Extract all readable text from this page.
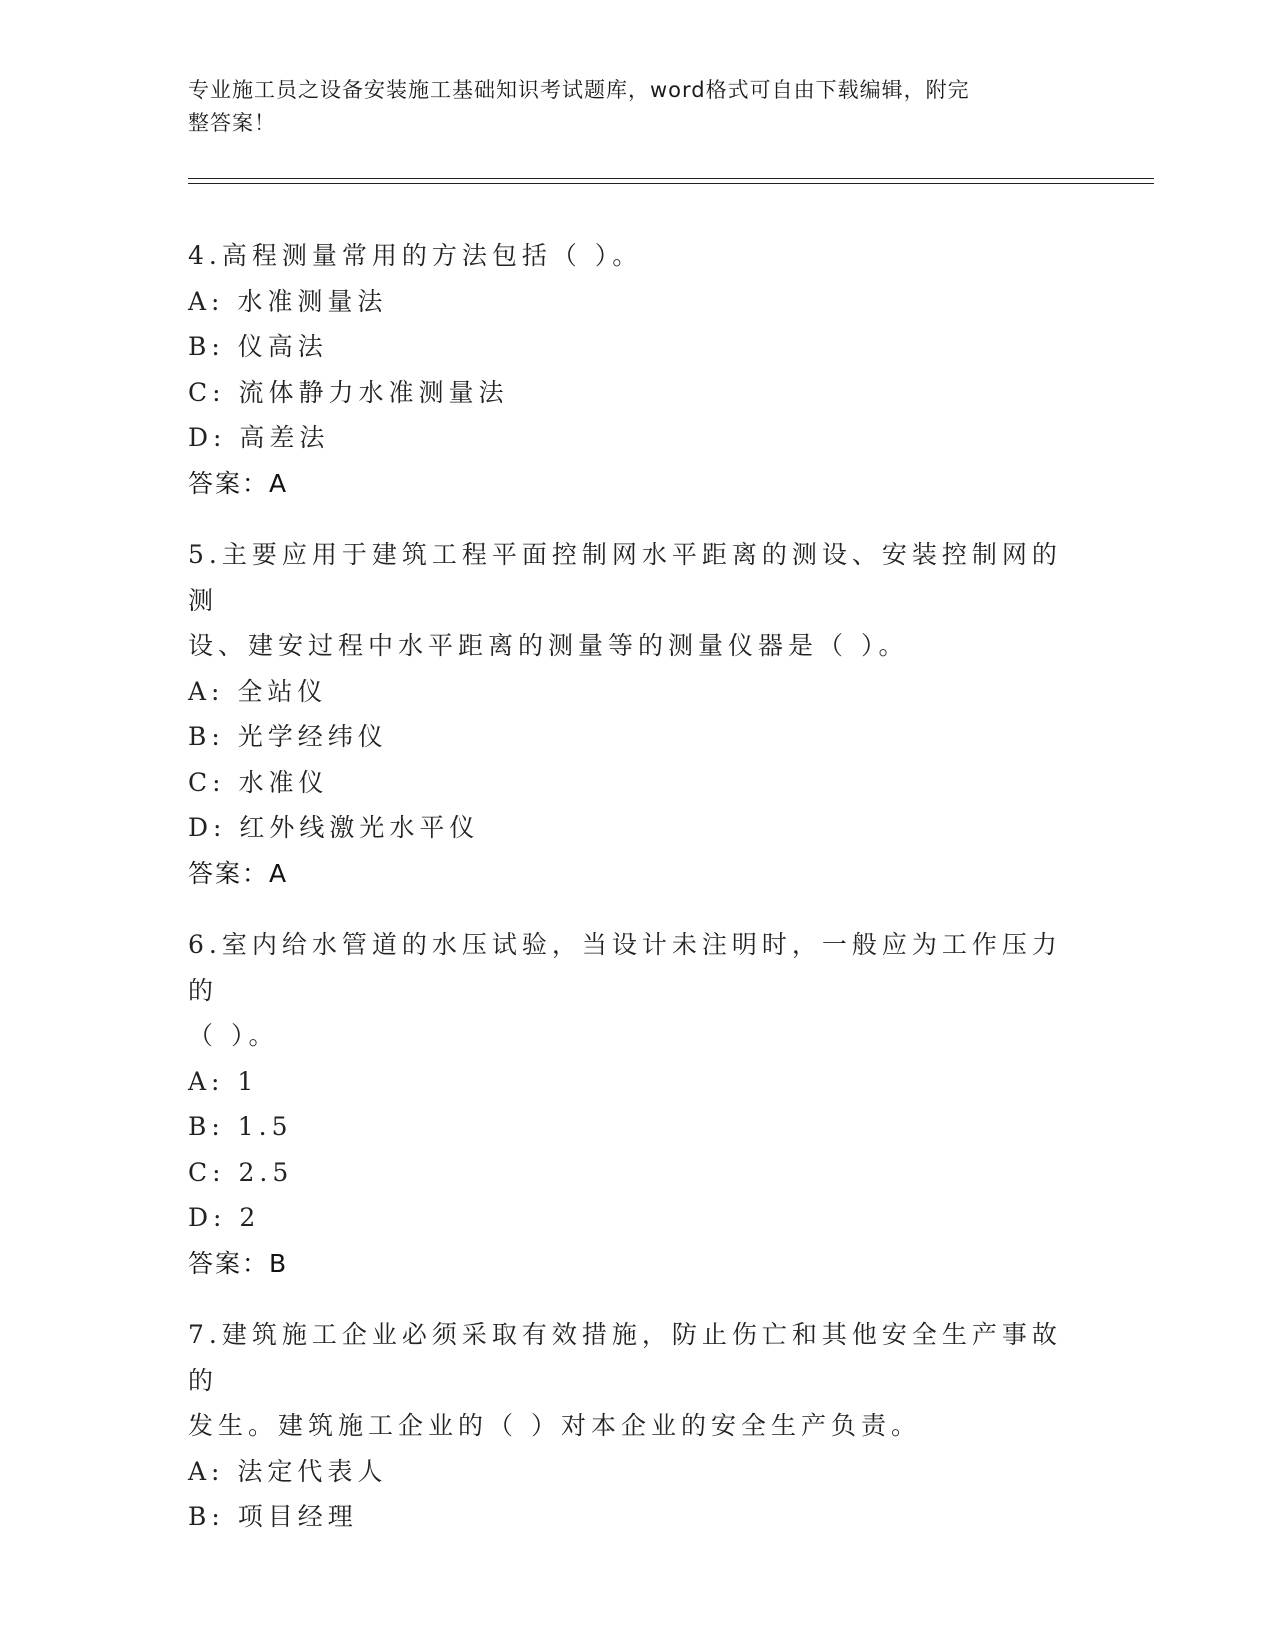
专业施工员之设备安装施工基础知识考试题库，word格式可自由下载编辑，附完
整答案！
4.高程测量常用的方法包括（ ）。
A: 水准测量法
B: 仪高法
C: 流体静力水准测量法
D: 高差法
答案：A
5.主要应用于建筑工程平面控制网水平距离的测设、安装控制网的测
设、建安过程中水平距离的测量等的测量仪器是（ ）。
A: 全站仪
B: 光学经纬仪
C: 水准仪
D: 红外线激光水平仪
答案：A
6.室内给水管道的水压试验，当设计未注明时，一般应为工作压力的
（ ）。
A: 1
B: 1.5
C: 2.5
D: 2
答案：B
7.建筑施工企业必须采取有效措施，防止伤亡和其他安全生产事故的
发生。建筑施工企业的（ ）对本企业的安全生产负责。
A: 法定代表人
B: 项目经理
